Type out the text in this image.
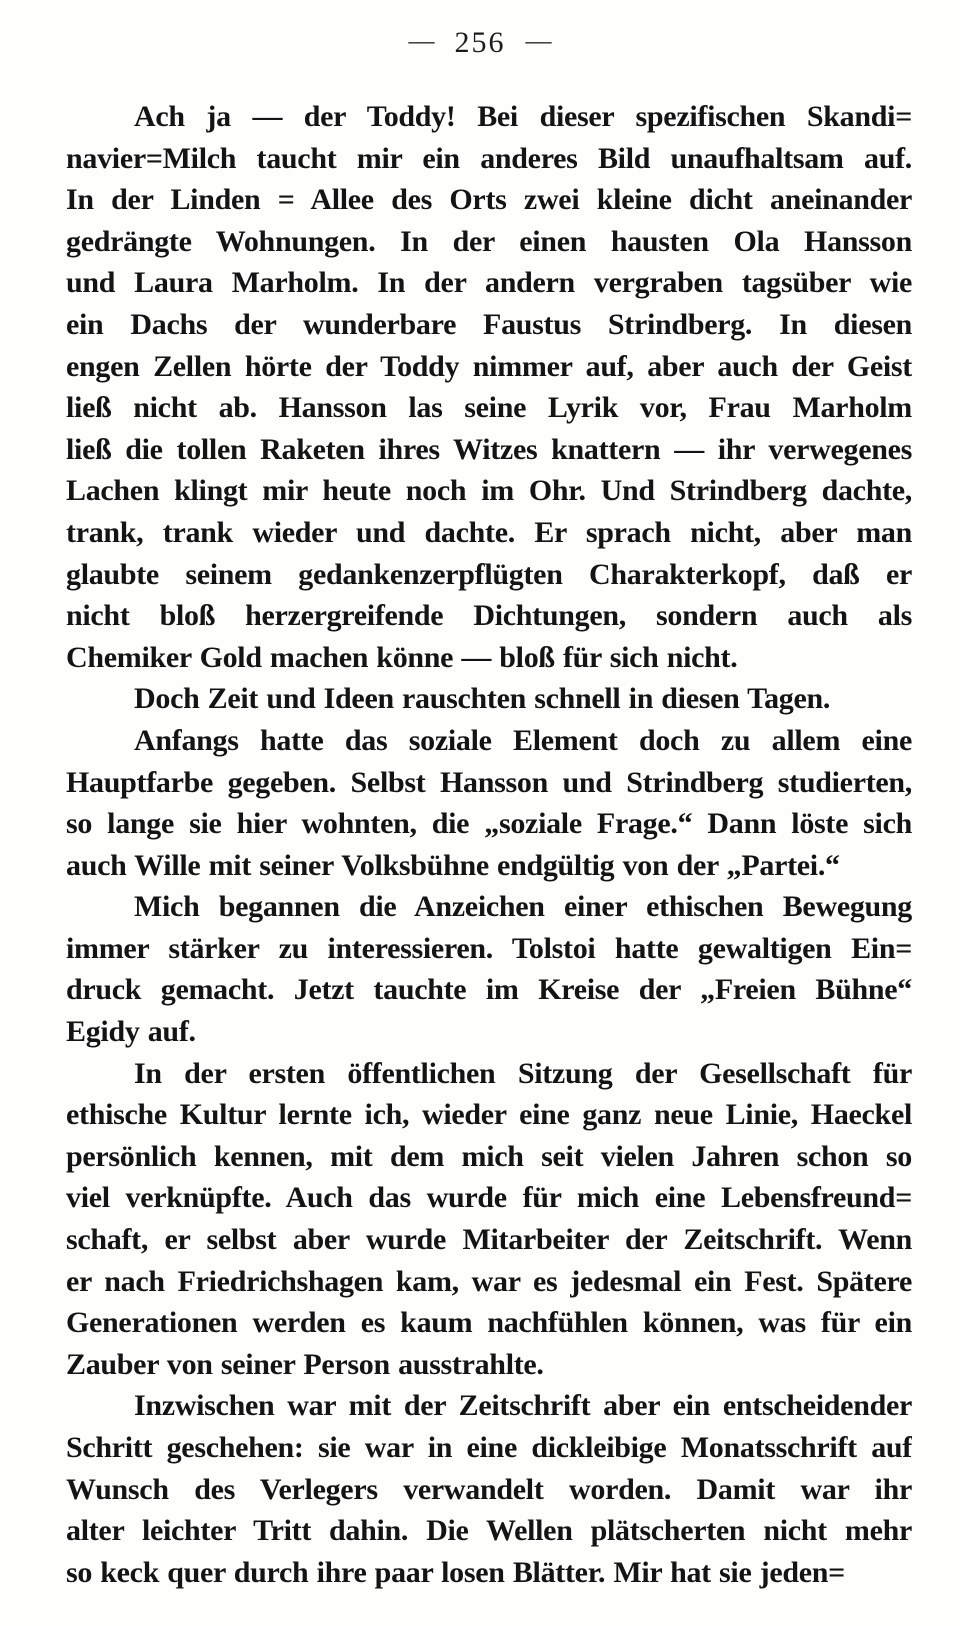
— 256 —
Ach ja — der Toddy! Bei dieser spezifischen Skandi=
navier=Milch taucht mir ein anderes Bild unaufhaltsam auf.
In der Linden = Allee des Orts zwei kleine dicht aneinander
gedrängte Wohnungen. In der einen hausten Ola Hansson
und Laura Marholm. In der andern vergraben tagsüber wie
ein Dachs der wunderbare Faustus Strindberg. In diesen
engen Zellen hörte der Toddy nimmer auf, aber auch der Geist
ließ nicht ab. Hansson las seine Lyrik vor, Frau Marholm
ließ die tollen Raketen ihres Witzes knattern — ihr verwegenes
Lachen klingt mir heute noch im Ohr. Und Strindberg dachte,
trank, trank wieder und dachte. Er sprach nicht, aber man
glaubte seinem gedankenzerpflügten Charakterkopf, daß er
nicht bloß herzergreifende Dichtungen, sondern auch als
Chemiker Gold machen könne — bloß für sich nicht.
Doch Zeit und Ideen rauschten schnell in diesen Tagen.
Anfangs hatte das soziale Element doch zu allem eine
Hauptfarbe gegeben. Selbst Hansson und Strindberg studierten,
so lange sie hier wohnten, die „soziale Frage.“ Dann löste sich
auch Wille mit seiner Volksbühne endgültig von der „Partei.“
Mich begannen die Anzeichen einer ethischen Bewegung
immer stärker zu interessieren. Tolstoi hatte gewaltigen Ein=
druck gemacht. Jetzt tauchte im Kreise der „Freien Bühne“
Egidy auf.
In der ersten öffentlichen Sitzung der Gesellschaft für
ethische Kultur lernte ich, wieder eine ganz neue Linie, Haeckel
persönlich kennen, mit dem mich seit vielen Jahren schon so
viel verknüpfte. Auch das wurde für mich eine Lebensfreund=
schaft, er selbst aber wurde Mitarbeiter der Zeitschrift. Wenn
er nach Friedrichshagen kam, war es jedesmal ein Fest. Spätere
Generationen werden es kaum nachfühlen können, was für ein
Zauber von seiner Person ausstrahlte.
Inzwischen war mit der Zeitschrift aber ein entscheidender
Schritt geschehen: sie war in eine dickleibige Monatsschrift auf
Wunsch des Verlegers verwandelt worden. Damit war ihr
alter leichter Tritt dahin. Die Wellen plätscherten nicht mehr
so keck quer durch ihre paar losen Blätter. Mir hat sie jeden=
